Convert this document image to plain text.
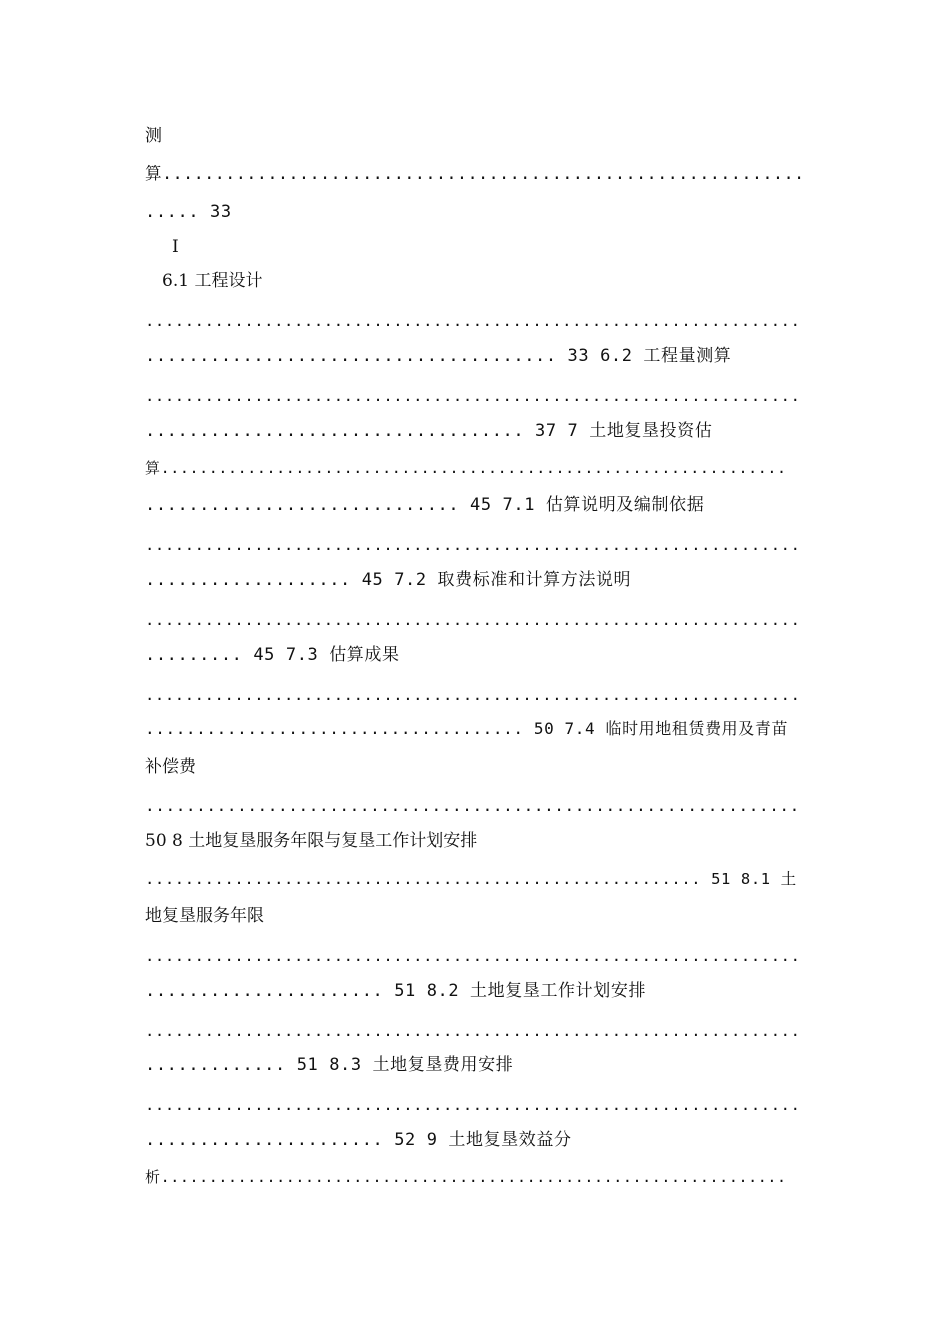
测
算.............................................................
..... 33
I
6.1 工程设计
..................................................................
...................................... 33 6.2 工程量测算
..................................................................
................................... 37 7 土地复垦投资估
算.................................................................
............................. 45 7.1 估算说明及编制依据
..................................................................
................... 45 7.2 取费标准和计算方法说明
..................................................................
......... 45 7.3 估算成果
..................................................................
..................................... 50 7.4 临时用地租赁费用及青苗
补偿费
................................................................
50 8 土地复垦服务年限与复垦工作计划安排
........................................................ 51 8.1 土
地复垦服务年限
..................................................................
...................... 51 8.2 土地复垦工作计划安排
..................................................................
............. 51 8.3 土地复垦费用安排
..................................................................
...................... 52 9 土地复垦效益分
析.................................................................
